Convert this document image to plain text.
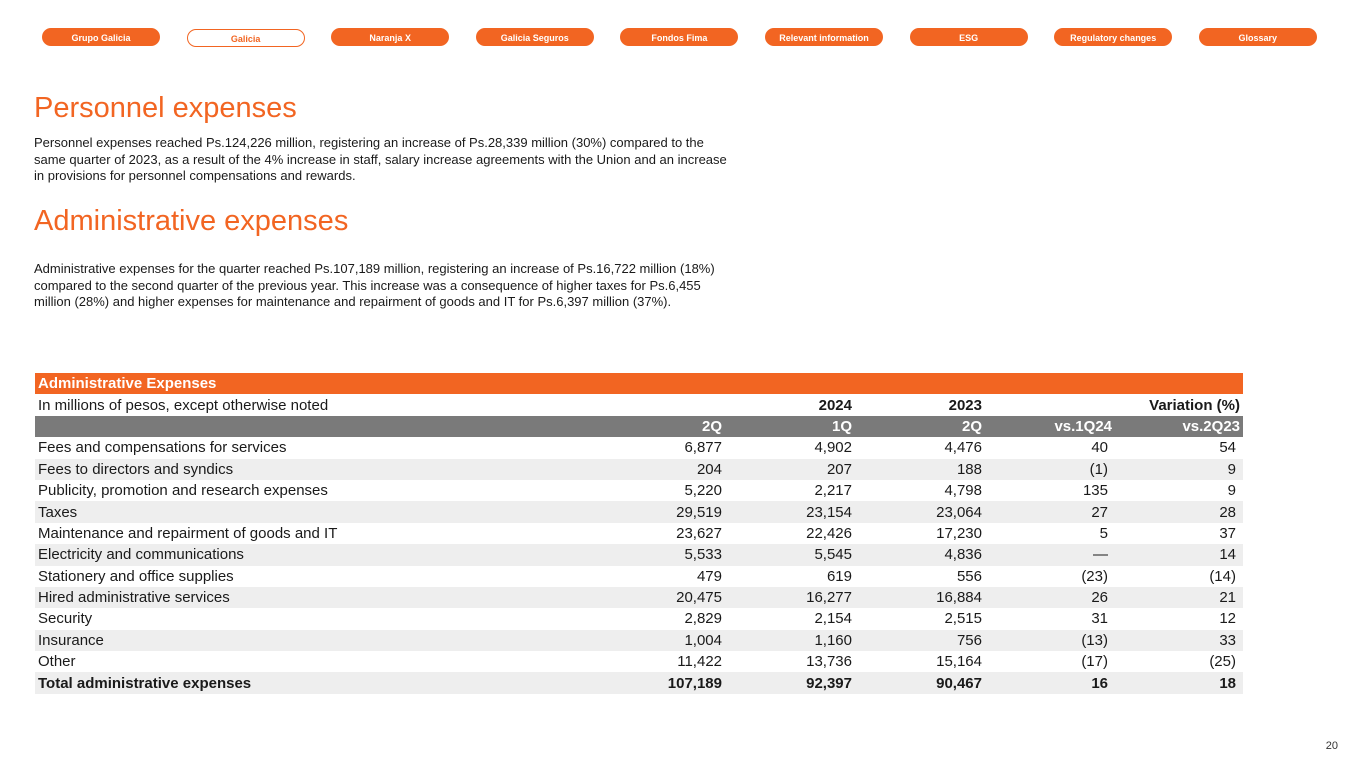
Grupo Galicia	Galicia	Naranja X	Galicia Seguros	Fondos Fima	Relevant information	ESG	Regulatory changes	Glossary
Personnel expenses

Personnel expenses reached Ps.124,226 million, registering an increase of Ps.28,339 million (30%) compared to the same quarter of 2023, as a result of the 4% increase in staff, salary increase agreements with the Union and an increase in provisions for personnel compensations and rewards.

Administrative expenses

Administrative expenses for the quarter reached Ps.107,189 million, registering an increase of Ps.16,722 million (18%) compared to the second quarter of the previous year. This increase was a consequence of higher taxes for Ps.6,455 million (28%) and higher expenses for maintenance and repairment of goods and IT for Ps.6,397 million (37%).

Administrative Expenses					
In millions of pesos, except otherwise noted		2024	2023	Variation (%)	
	2Q	1Q	2Q	vs.1Q24	vs.2Q23
Fees and compensations for services	6,877	4,902	4,476	40	54
Fees to directors and syndics	204	207	188	(1)	9
Publicity, promotion and research expenses	5,220	2,217	4,798	135	9
Taxes	29,519	23,154	23,064	27	28
Maintenance and repairment of goods and IT	23,627	22,426	17,230	5	37
Electricity and communications	5,533	5,545	4,836	—	14
Stationery and office supplies	479	619	556	(23)	(14)
Hired administrative services	20,475	16,277	16,884	26	21
Security	2,829	2,154	2,515	31	12
Insurance	1,004	1,160	756	(13)	33
Other	11,422	13,736	15,164	(17)	(25)
Total administrative expenses	107,189	92,397	90,467	16	18
20
